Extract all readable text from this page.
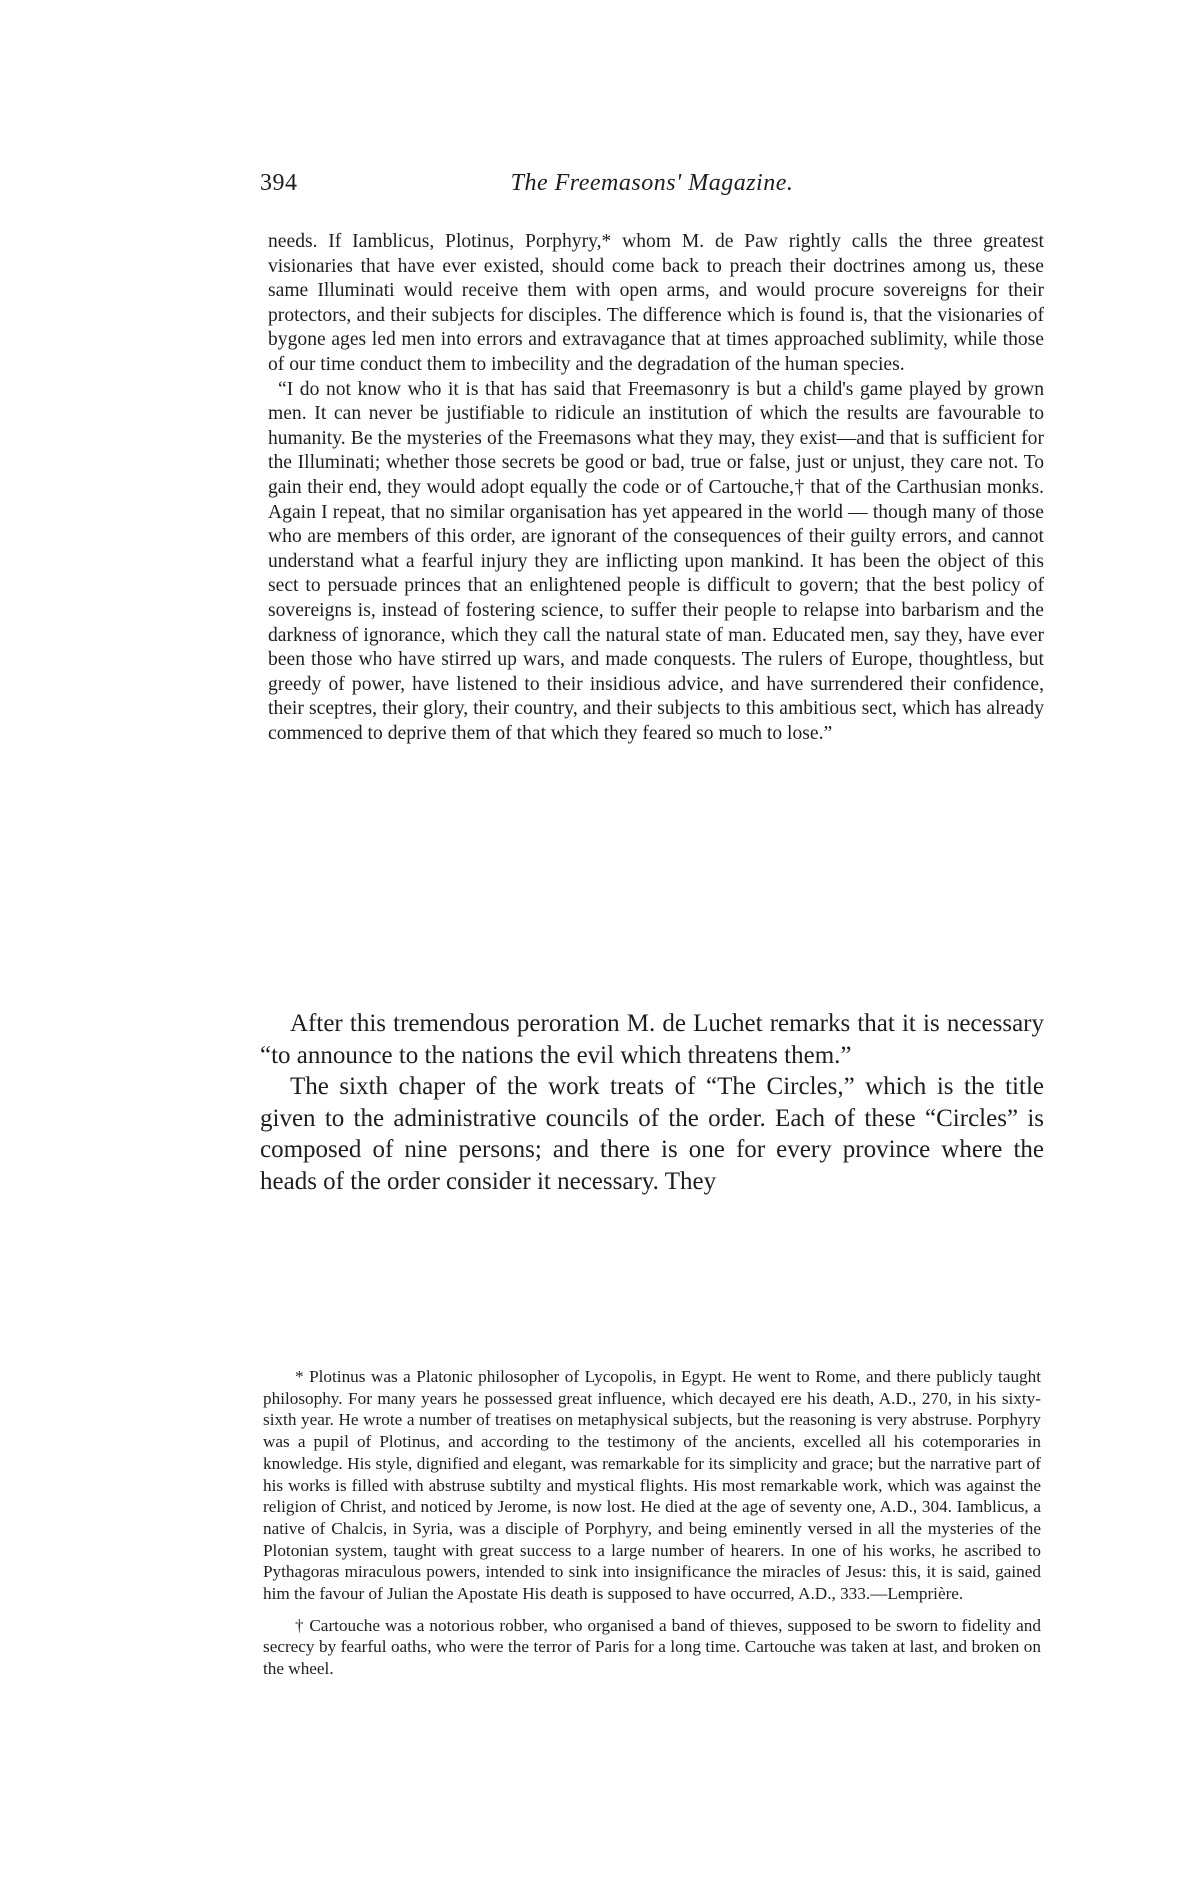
394	The Freemasons' Magazine.

needs. If Iamblicus, Plotinus, Porphyry,* whom M. de Paw rightly calls the three greatest visionaries that have ever existed, should come back to preach their doctrines among us, these same Illuminati would receive them with open arms, and would procure sovereigns for their protectors, and their subjects for disciples. The difference which is found is, that the visionaries of bygone ages led men into errors and extravagance that at times approached sublimity, while those of our time conduct them to imbecility and the degradation of the human species.

“I do not know who it is that has said that Freemasonry is but a child's game played by grown men. It can never be justifiable to ridicule an institution of which the results are favourable to humanity. Be the mysteries of the Freemasons what they may, they exist—and that is sufficient for the Illuminati; whether those secrets be good or bad, true or false, just or unjust, they care not. To gain their end, they would adopt equally the code or of Cartouche,† that of the Carthusian monks. Again I repeat, that no similar organisation has yet appeared in the world — though many of those who are members of this order, are ignorant of the consequences of their guilty errors, and cannot understand what a fearful injury they are inflicting upon mankind. It has been the object of this sect to persuade princes that an enlightened people is difficult to govern; that the best policy of sovereigns is, instead of fostering science, to suffer their people to relapse into barbarism and the darkness of ignorance, which they call the natural state of man. Educated men, say they, have ever been those who have stirred up wars, and made conquests. The rulers of Europe, thoughtless, but greedy of power, have listened to their insidious advice, and have surrendered their confidence, their sceptres, their glory, their country, and their subjects to this ambitious sect, which has already commenced to deprive them of that which they feared so much to lose.”

After this tremendous peroration M. de Luchet remarks that it is necessary “to announce to the nations the evil which threatens them.”

The sixth chaper of the work treats of “The Circles,” which is the title given to the administrative councils of the order. Each of these “Circles” is composed of nine persons; and there is one for every province where the heads of the order consider it necessary. They

* Plotinus was a Platonic philosopher of Lycopolis, in Egypt. He went to Rome, and there publicly taught philosophy. For many years he possessed great influence, which decayed ere his death, A.D., 270, in his sixty-sixth year. He wrote a number of treatises on metaphysical subjects, but the reasoning is very abstruse. Porphyry was a pupil of Plotinus, and according to the testimony of the ancients, excelled all his cotemporaries in knowledge. His style, dignified and elegant, was remarkable for its simplicity and grace; but the narrative part of his works is filled with abstruse subtilty and mystical flights. His most remarkable work, which was against the religion of Christ, and noticed by Jerome, is now lost. He died at the age of seventy one, A.D., 304. Iamblicus, a native of Chalcis, in Syria, was a disciple of Porphyry, and being eminently versed in all the mysteries of the Plotonian system, taught with great success to a large number of hearers. In one of his works, he ascribed to Pythagoras miraculous powers, intended to sink into insignificance the miracles of Jesus: this, it is said, gained him the favour of Julian the Apostate His death is supposed to have occurred, A.D., 333.—Lemprière.

† Cartouche was a notorious robber, who organised a band of thieves, supposed to be sworn to fidelity and secrecy by fearful oaths, who were the terror of Paris for a long time. Cartouche was taken at last, and broken on the wheel.
